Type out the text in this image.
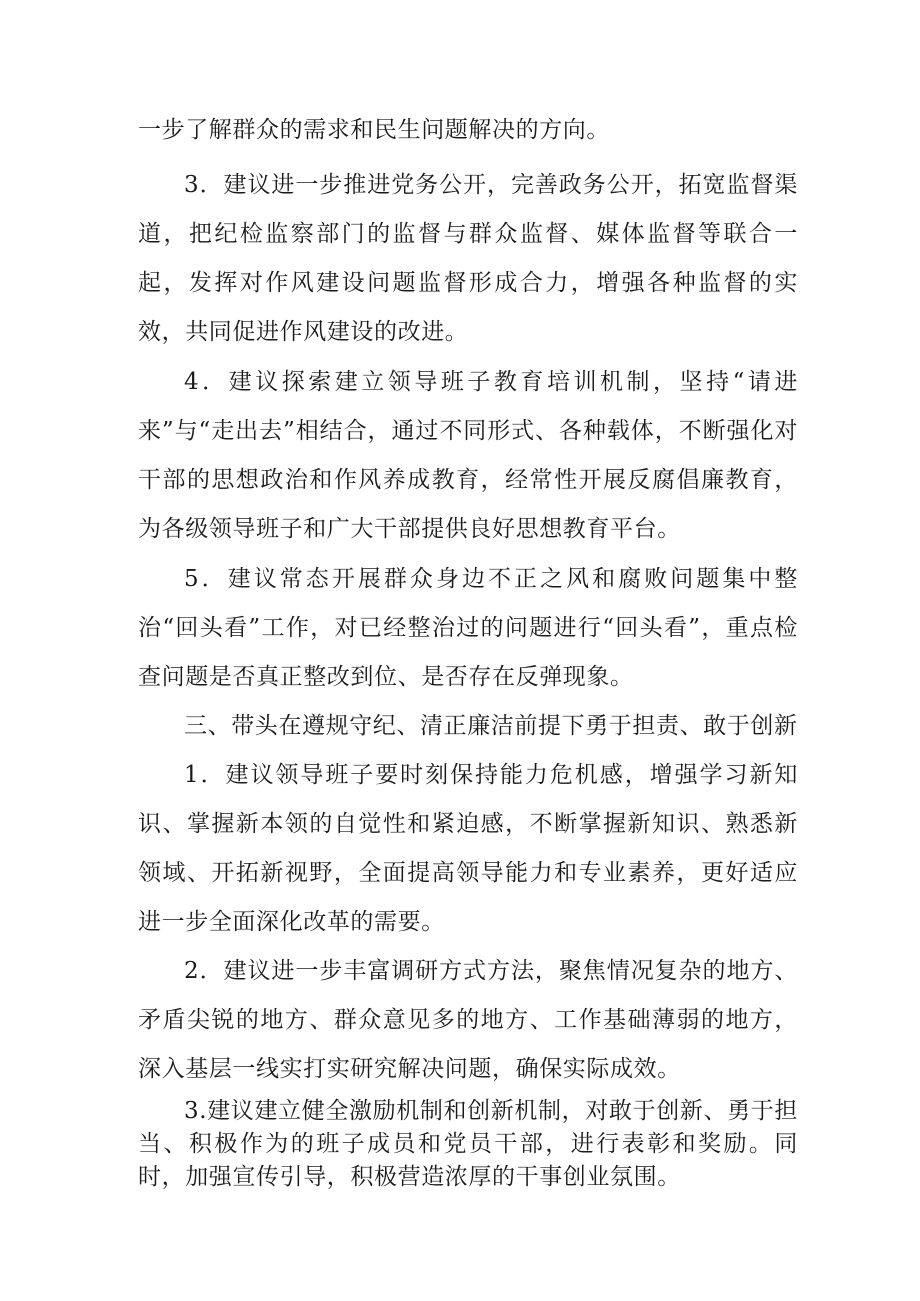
一步了解群众的需求和民生问题解决的方向。

3．建议进一步推进党务公开，完善政务公开，拓宽监督渠道，把纪检监察部门的监督与群众监督、媒体监督等联合一起，发挥对作风建设问题监督形成合力，增强各种监督的实效，共同促进作风建设的改进。

4．建议探索建立领导班子教育培训机制，坚持“请进来”与“走出去”相结合，通过不同形式、各种载体，不断强化对干部的思想政治和作风养成教育，经常性开展反腐倡廉教育，为各级领导班子和广大干部提供良好思想教育平台。

5．建议常态开展群众身边不正之风和腐败问题集中整治“回头看”工作，对已经整治过的问题进行“回头看”，重点检查问题是否真正整改到位、是否存在反弹现象。

三、带头在遵规守纪、清正廉洁前提下勇于担责、敢于创新

1．建议领导班子要时刻保持能力危机感，增强学习新知识、掌握新本领的自觉性和紧迫感，不断掌握新知识、熟悉新领域、开拓新视野，全面提高领导能力和专业素养，更好适应进一步全面深化改革的需要。

2．建议进一步丰富调研方式方法，聚焦情况复杂的地方、矛盾尖锐的地方、群众意见多的地方、工作基础薄弱的地方，深入基层一线实打实研究解决问题，确保实际成效。

3.建议建立健全激励机制和创新机制，对敢于创新、勇于担当、积极作为的班子成员和党员干部，进行表彰和奖励。同时，加强宣传引导，积极营造浓厚的干事创业氛围。
